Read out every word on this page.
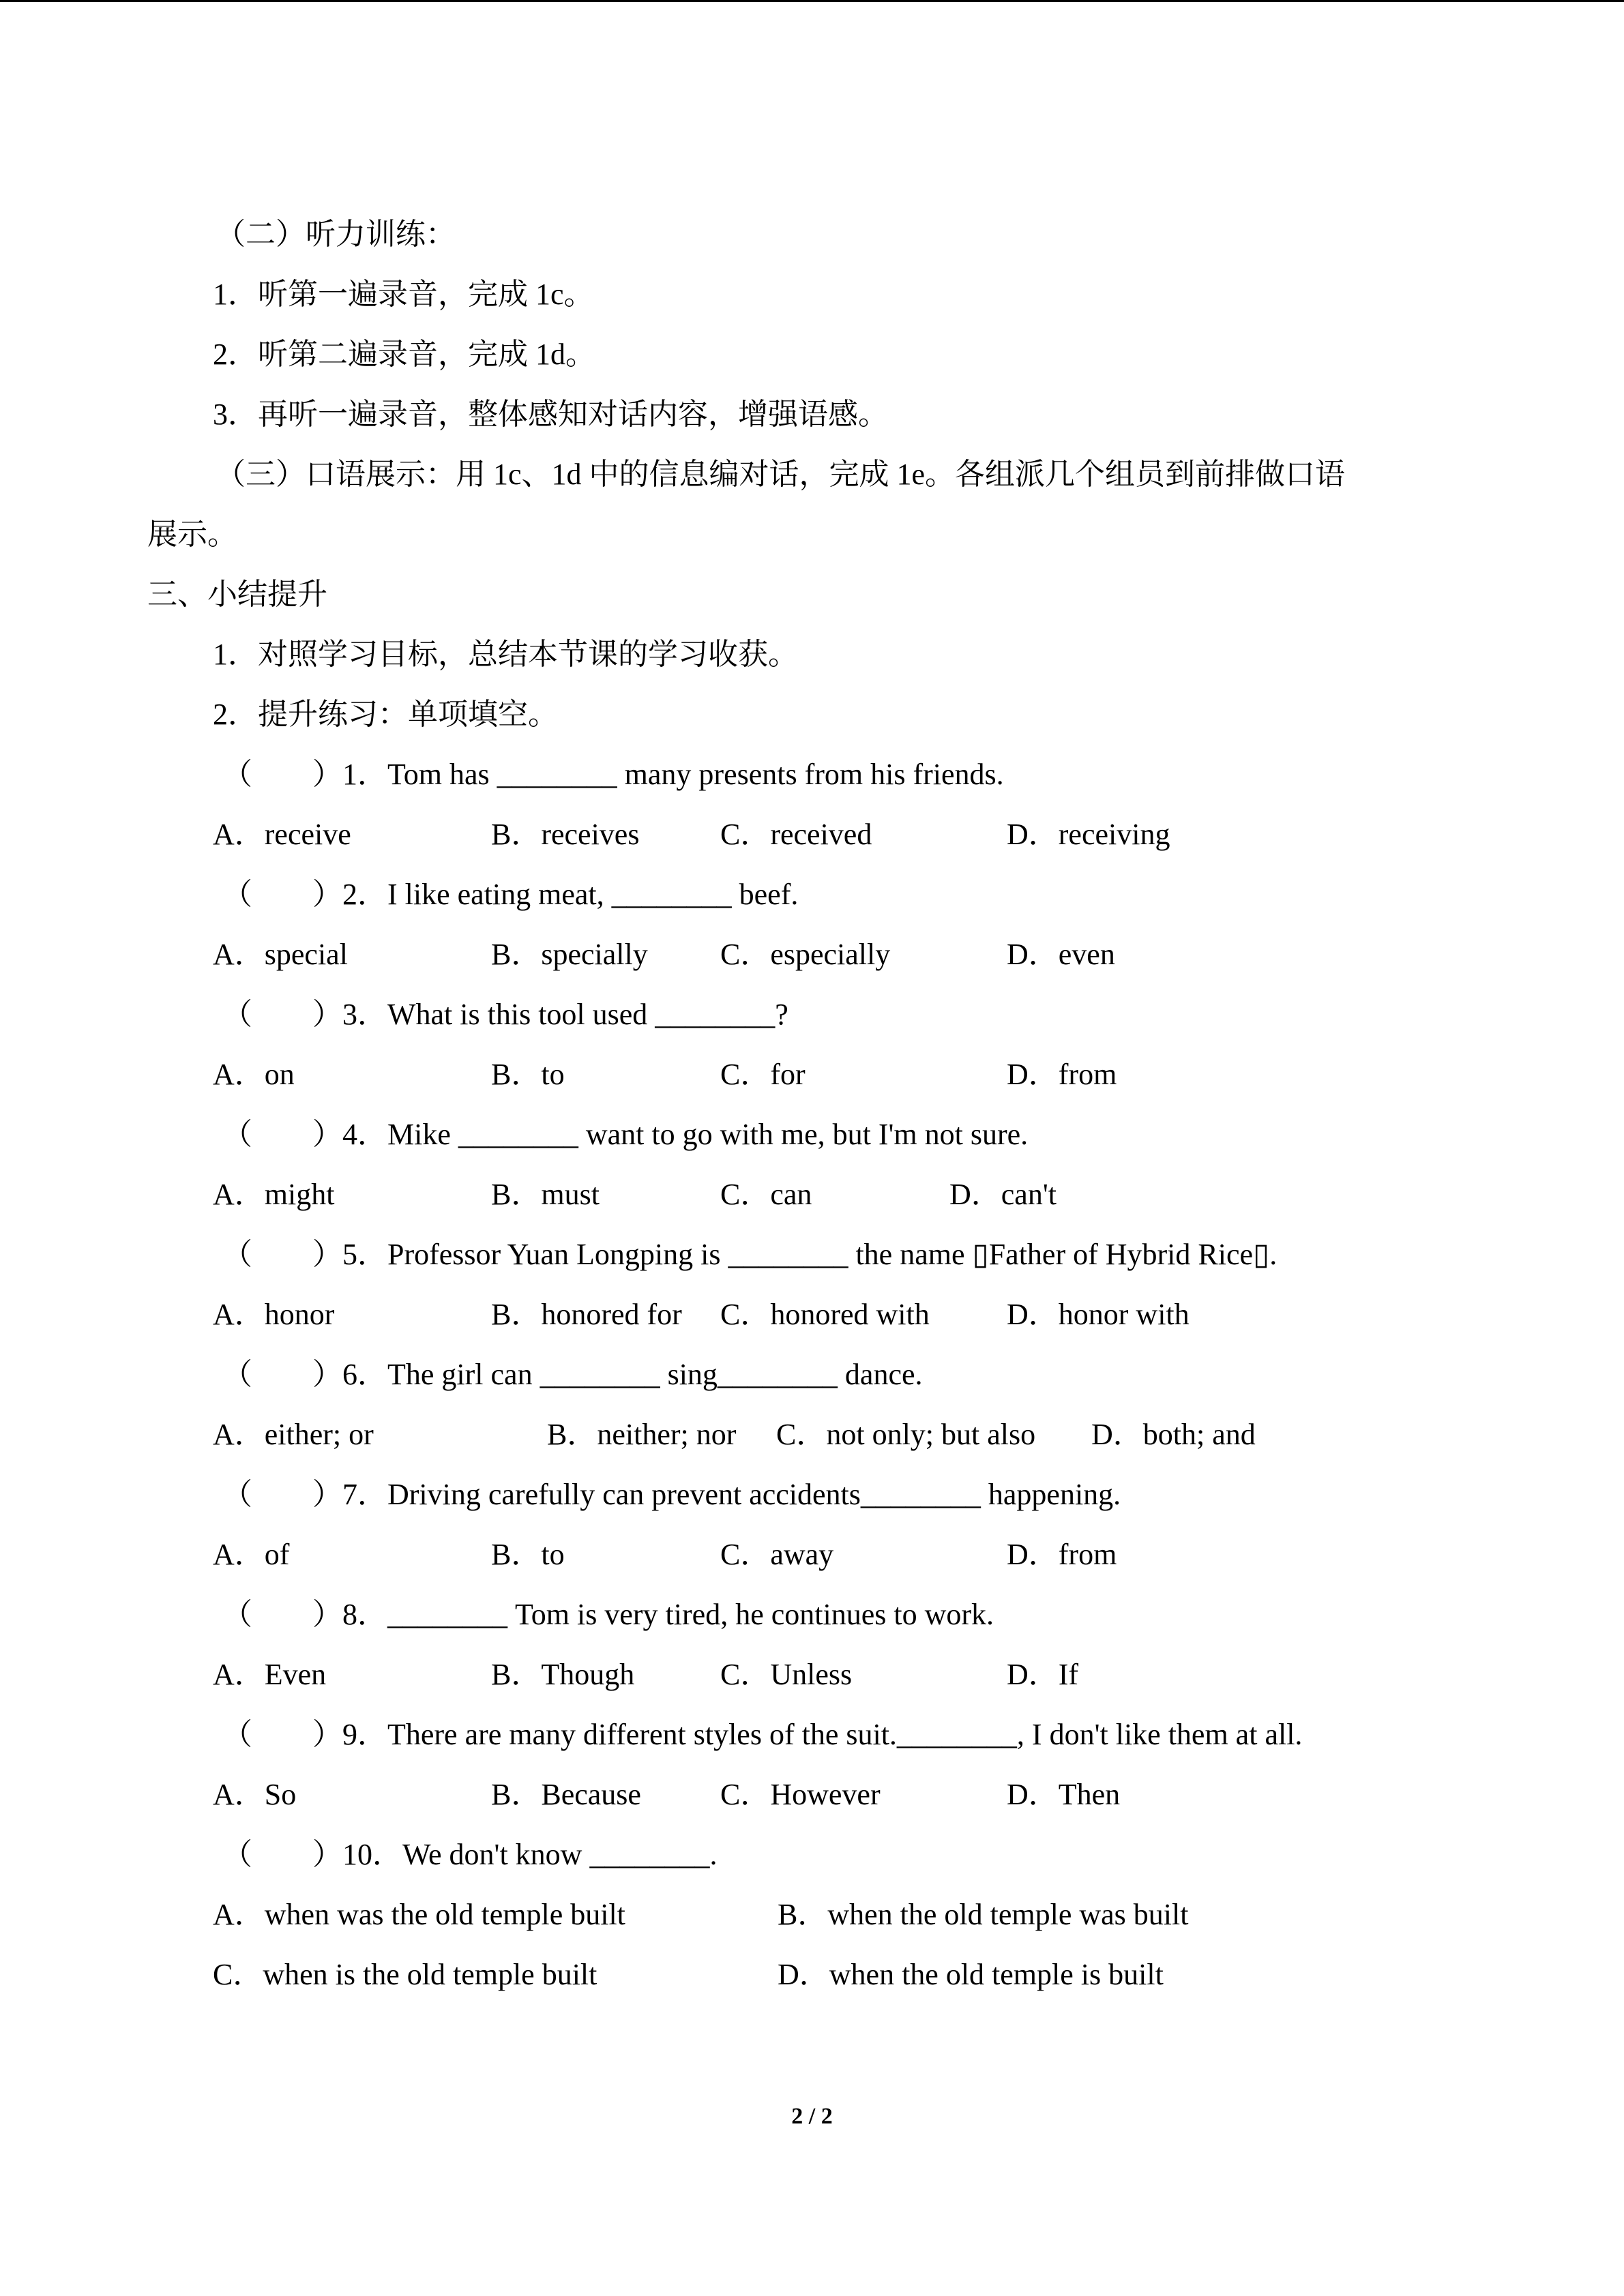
（二）听力训练：
1．听第一遍录音，完成 1c。
2．听第二遍录音，完成 1d。
3．再听一遍录音，整体感知对话内容，增强语感。
（三）口语展示：用 1c、1d 中的信息编对话，完成 1e。各组派几个组员到前排做口语
展示。
三、小结提升
1．对照学习目标，总结本节课的学习收获。
2．提升练习：单项填空。
（　　）1．Tom has ________ many presents from his friends.
A．receive	B．receives	C．received	D．receiving
（　　）2．I like eating meat, ________ beef.
A．special	B．specially C．especially	D．even
（　　）3．What is this tool used ________?
A．on	B．to	C．for	D．from
（　　）4．Mike ________ want to go with me, but I'm not sure.
A．might	B．must	C．can	D．can't
（　　）5．Professor Yuan Longping is ________ the name ▯Father of Hybrid Rice▯.
A．honor	B．honored for C．honored with	D．honor with
（　　）6．The girl can ________ sing________ dance.
A．either; or	B．neither; nor C．not only; but also D．both; and
（　　）7．Driving carefully can prevent accidents________ happening.
A．of	B．to	C．away	D．from
（　　）8．________ Tom is very tired, he continues to work.
A．Even	B．Though	C．Unless	D．If
（　　）9．There are many different styles of the suit.________, I don't like them at all.
A．So	B．Because	C．However	D．Then
（　　）10．We don't know ________.
A．when was the old temple built	B．when the old temple was built
C．when is the old temple built	D．when the old temple is built
2 / 2
